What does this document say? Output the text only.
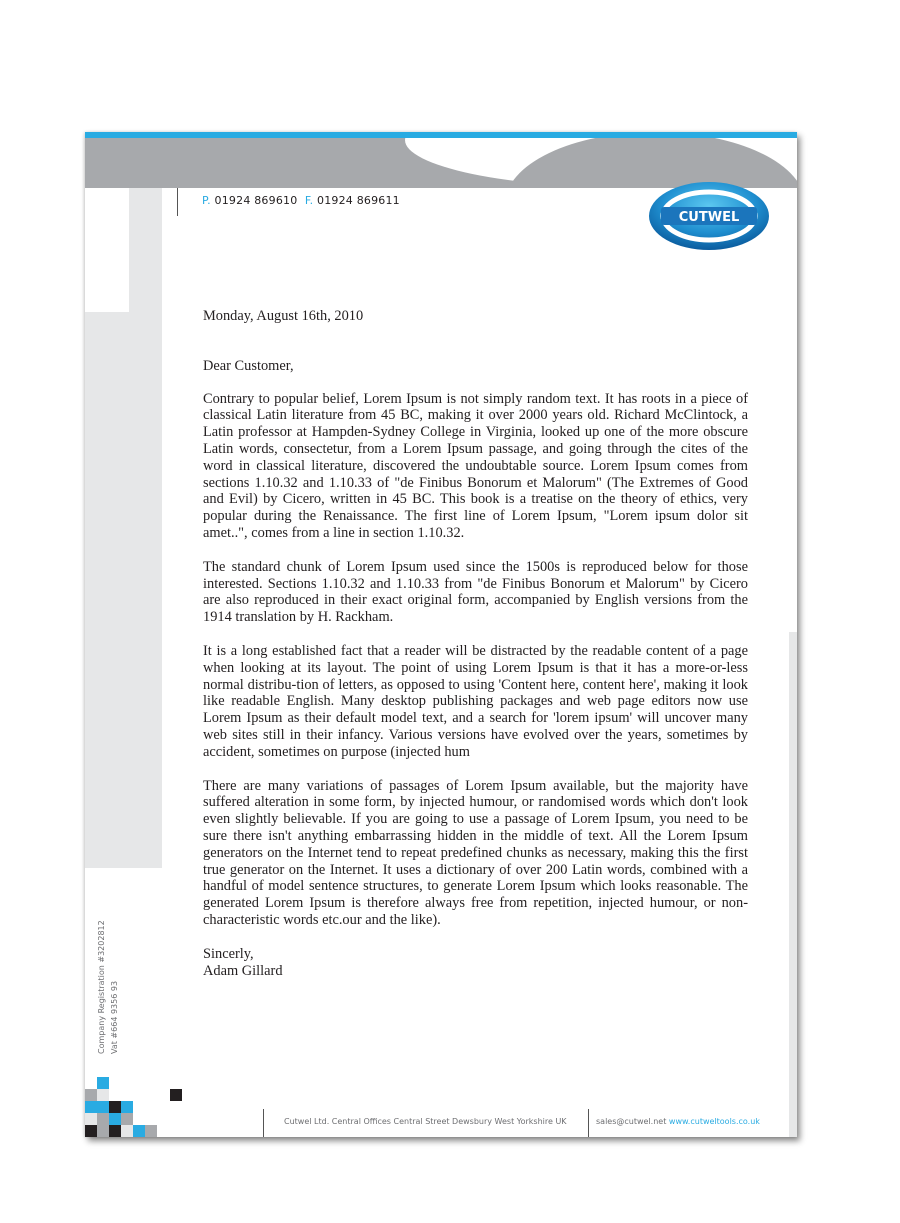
P. 01924 869610 F. 01924 869611
CUTWEL

Monday, August 16th, 2010

Dear Customer,

Contrary to popular belief, Lorem Ipsum is not simply random text. It has roots in a piece of classical Latin literature from 45 BC, making it over 2000 years old. Richard McClintock, a Latin professor at Hampden-Sydney College in Virginia, looked up one of the more obscure Latin words, consectetur, from a Lorem Ipsum passage, and going through the cites of the word in classical literature, discovered the undoubtable source. Lorem Ipsum comes from sections 1.10.32 and 1.10.33 of "de Finibus Bonorum et Malorum" (The Extremes of Good and Evil) by Cicero, written in 45 BC. This book is a treatise on the theory of ethics, very popular during the Renaissance. The first line of Lorem Ipsum, "Lorem ipsum dolor sit amet..", comes from a line in section 1.10.32.

The standard chunk of Lorem Ipsum used since the 1500s is reproduced below for those interested. Sections 1.10.32 and 1.10.33 from "de Finibus Bonorum et Malorum" by Cicero are also reproduced in their exact original form, accompanied by English versions from the 1914 translation by H. Rackham.

It is a long established fact that a reader will be distracted by the readable content of a page when looking at its layout. The point of using Lorem Ipsum is that it has a more-or-less normal distribu-tion of letters, as opposed to using 'Content here, content here', making it look like readable English. Many desktop publishing packages and web page editors now use Lorem Ipsum as their default model text, and a search for 'lorem ipsum' will uncover many web sites still in their infancy. Various versions have evolved over the years, sometimes by accident, sometimes on purpose (injected hum

There are many variations of passages of Lorem Ipsum available, but the majority have suffered alteration in some form, by injected humour, or randomised words which don't look even slightly believable. If you are going to use a passage of Lorem Ipsum, you need to be sure there isn't anything embarrassing hidden in the middle of text. All the Lorem Ipsum generators on the Internet tend to repeat predefined chunks as necessary, making this the first true generator on the Internet. It uses a dictionary of over 200 Latin words, combined with a handful of model sentence structures, to generate Lorem Ipsum which looks reasonable. The generated Lorem Ipsum is therefore always free from repetition, injected humour, or non-characteristic words etc.our and the like).

Sincerly,

Adam Gillard

Company Registration #3202812 Vat #664 9356 93
Cutwel Ltd. Central Offices Central Street Dewsbury West Yorkshire UK	sales@cutwel.net www.cutweltools.co.uk
